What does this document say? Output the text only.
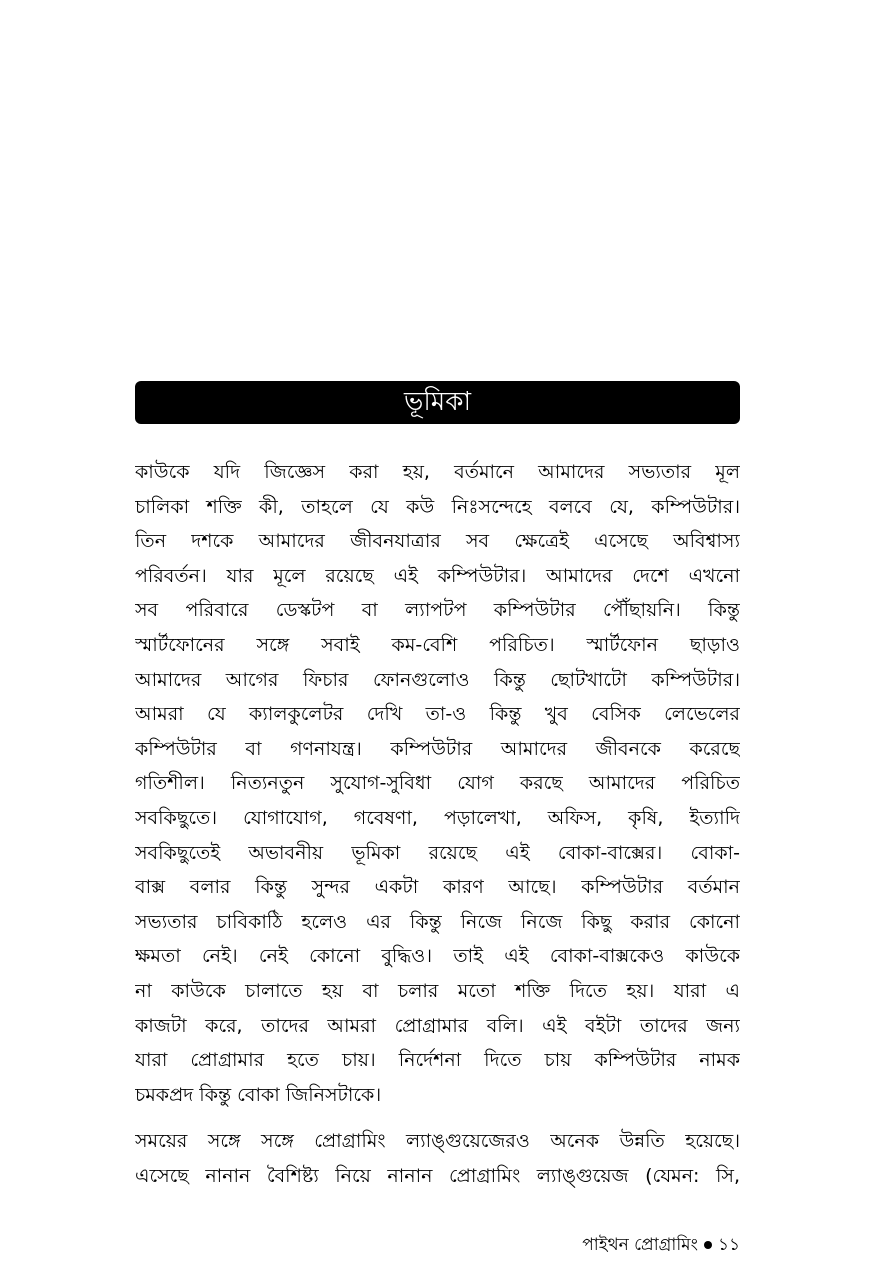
ভূমিকা
কাউকে যদি জিজ্ঞেস করা হয়, বর্তমানে আমাদের সভ্যতার মূল
চালিকা শক্তি কী, তাহলে যে কউ নিঃসন্দেহে বলবে যে, কম্পিউটার।
তিন দশকে আমাদের জীবনযাত্রার সব ক্ষেত্রেই এসেছে অবিশ্বাস্য
পরিবর্তন। যার মূলে রয়েছে এই কম্পিউটার। আমাদের দেশে এখনো
সব পরিবারে ডেস্কটপ বা ল্যাপটপ কম্পিউটার পৌঁছায়নি। কিন্তু
স্মার্টফোনের সঙ্গে সবাই কম-বেশি পরিচিত। স্মার্টফোন ছাড়াও
আমাদের আগের ফিচার ফোনগুলোও কিন্তু ছোটখাটো কম্পিউটার।
আমরা যে ক্যালকুলেটর দেখি তা-ও কিন্তু খুব বেসিক লেভেলের
কম্পিউটার বা গণনাযন্ত্র। কম্পিউটার আমাদের জীবনকে করেছে
গতিশীল। নিত্যনতুন সুযোগ-সুবিধা যোগ করছে আমাদের পরিচিত
সবকিছুতে। যোগাযোগ, গবেষণা, পড়ালেখা, অফিস, কৃষি, ইত্যাদি
সবকিছুতেই অভাবনীয় ভূমিকা রয়েছে এই বোকা-বাক্সের। বোকা-
বাক্স বলার কিন্তু সুন্দর একটা কারণ আছে। কম্পিউটার বর্তমান
সভ্যতার চাবিকাঠি হলেও এর কিন্তু নিজে নিজে কিছু করার কোনো
ক্ষমতা নেই। নেই কোনো বুদ্ধিও। তাই এই বোকা-বাক্সকেও কাউকে
না কাউকে চালাতে হয় বা চলার মতো শক্তি দিতে হয়। যারা এ
কাজটা করে, তাদের আমরা প্রোগ্রামার বলি। এই বইটা তাদের জন্য
যারা প্রোগ্রামার হতে চায়। নির্দেশনা দিতে চায় কম্পিউটার নামক
চমকপ্রদ কিন্তু বোকা জিনিসটাকে।
সময়ের সঙ্গে সঙ্গে প্রোগ্রামিং ল্যাঙ্গুয়েজেরও অনেক উন্নতি হয়েছে।
এসেছে নানান বৈশিষ্ট্য নিয়ে নানান প্রোগ্রামিং ল্যাঙ্গুয়েজ (যেমন: সি,
পাইথন প্রোগ্রামিং ১১
